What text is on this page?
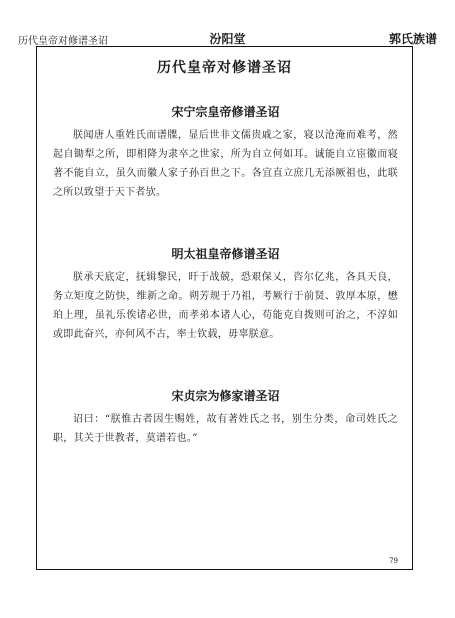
历代皇帝对修谱圣诏	汾阳堂	郭氏族谱
历代皇帝对修谱圣诏
宋宁宗皇帝修谱圣诏

朕闻唐人重姓氏而谱牒，显后世非文儒贵戚之家，寝以沧淹而难考，然起自锄犁之所，即相降为隶卒之世家，所为自立何如耳。诚能自立宦徽而寝著不能自立，虽久而徽人家子孙百世之下。各宜直立庶几无添厥祖也，此联之所以致望于天下者欤。

明太祖皇帝修谱圣诏

朕承天底定，抚辑黎民，旰于战兢，恐艰保乂，咨尔亿兆，各具天良，务立矩度之防快，维新之命。朔芳规于乃祖，考厥行于前贤、敦厚本原，懋珀上理，虽礼乐俟诸必世，而孝弟本诸人心，苟能克自拨则可治之，不淳如或即此奋兴，亦何风不古，率士钦载，毋辜朕意。

宋贞宗为修家谱圣诏

诏曰：“朕惟古者因生赐姓，故有著姓氏之书，别生分类，命司姓氏之职，其关于世教者，莫谱若也。”

79
